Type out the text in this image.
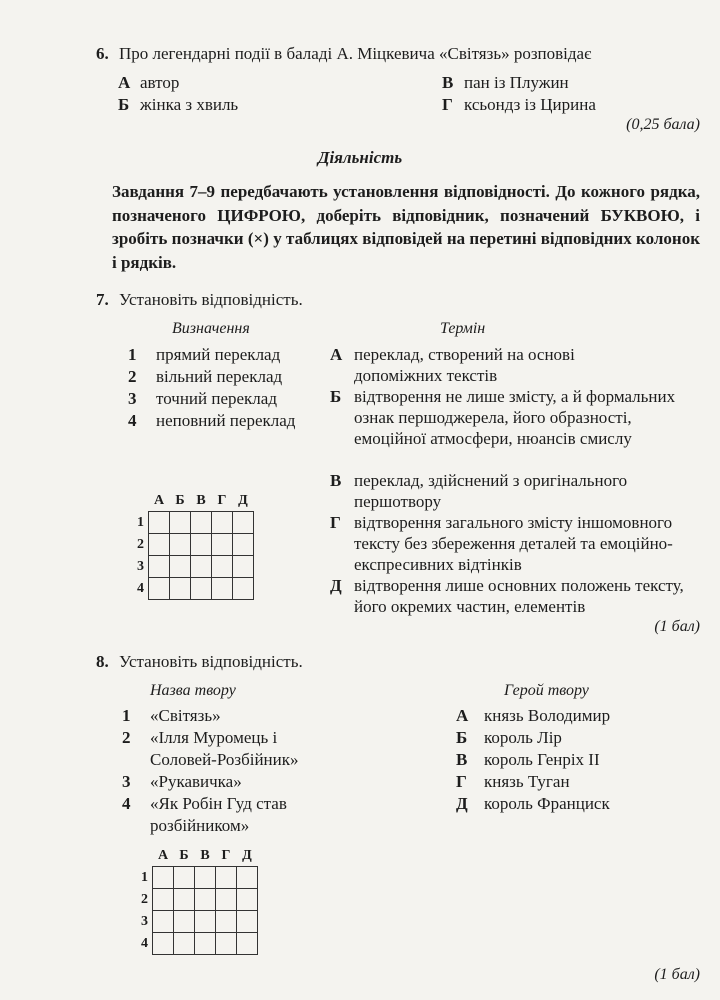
6. Про легендарні події в баладі А. Міцкевича «Світязь» розповідає
А автор	В пан із Плужин
Б жінка з хвиль	Г ксьондз із Цирина
(0,25 бала)
Діяльність
Завдання 7–9 передбачають установлення відповідності. До кожного рядка, позначеного ЦИФРОЮ, доберіть відповідник, позначений БУКВОЮ, і зробіть позначки (×) у таблицях відповідей на перетині відповідних колонок і рядків.
7. Установіть відповідність.
Визначення	Термін
1 прямий переклад
2 вільний переклад
3 точний переклад
4 неповний переклад
А переклад, створений на основі допоміжних текстів
Б відтворення не лише змісту, а й формальних ознак першоджерела, його образності, емоційної атмосфери, нюансів смислу
В переклад, здійснений з оригінального першотвору
Г відтворення загального змісту іншомовного тексту без збереження деталей та емоційно-експресивних відтінків
Д відтворення лише основних положень тексту, його окремих частин, елементів
	А	Б	В	Г	Д
1					
2					
3					
4					
(1 бал)
8. Установіть відповідність.
Назва твору	Герой твору
1 «Світязь»
2 «Ілля Муромець і Соловей-Розбійник»
3 «Рукавичка»
4 «Як Робін Гуд став розбійником»
А князь Володимир
Б король Лір
В король Генріх II
Г князь Туган
Д король Франциск
	А	Б	В	Г	Д
1					
2					
3					
4					
(1 бал)
